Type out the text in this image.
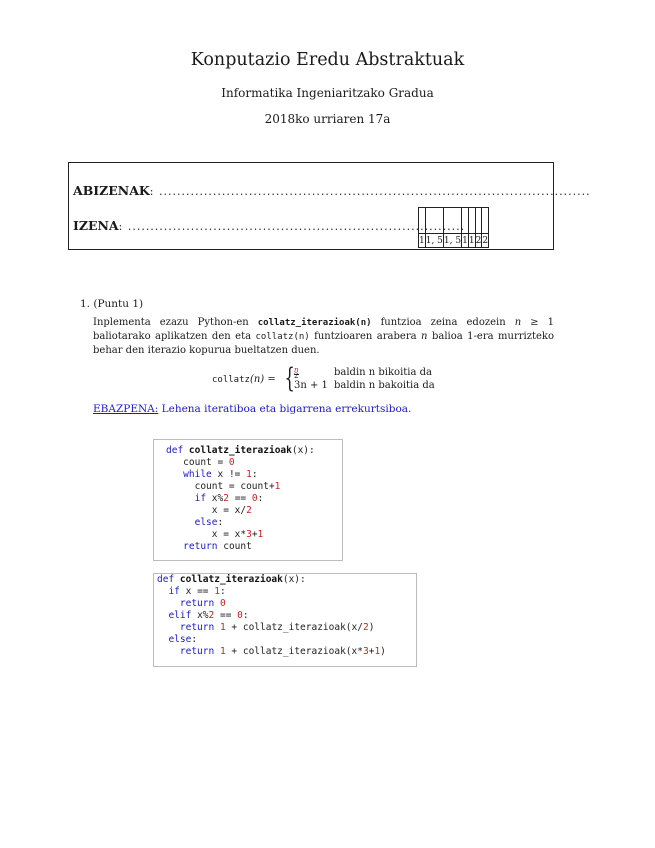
Konputazio Eredu Abstraktuak
Informatika Ingeniaritzako Gradua
2018ko urriaren 17a
ABIZENAK: ................................................................................................
IZENA: ...........................................................................

1	1, 5	1, 5	1	1	2	2
1. (Puntu 1)
Inplementa ezazu Python-en collatz_iterazioak(n) funtzioa zeina edozein n ≥ 1 baliotarako aplikatzen den eta collatz(n) funtzioaren arabera n balioa 1-era murrizteko behar den iterazio kopurua bueltatzen duen.
collatz(n) = { n
2	baldin n bikoitia da
3n + 1 baldin n bakoitia da
EBAZPENA: Lehena iteratiboa eta bigarrena errekurtsiboa.
def collatz_iterazioak(x):
count = 0
while x != 1:
count = count+1
if x%2 == 0:
x = x/2
else:
x = x*3+1
return count
def collatz_iterazioak(x):
if x == 1:
return 0
elif x%2 == 0:
return 1 + collatz_iterazioak(x/2)
else:
return 1 + collatz_iterazioak(x*3+1)
